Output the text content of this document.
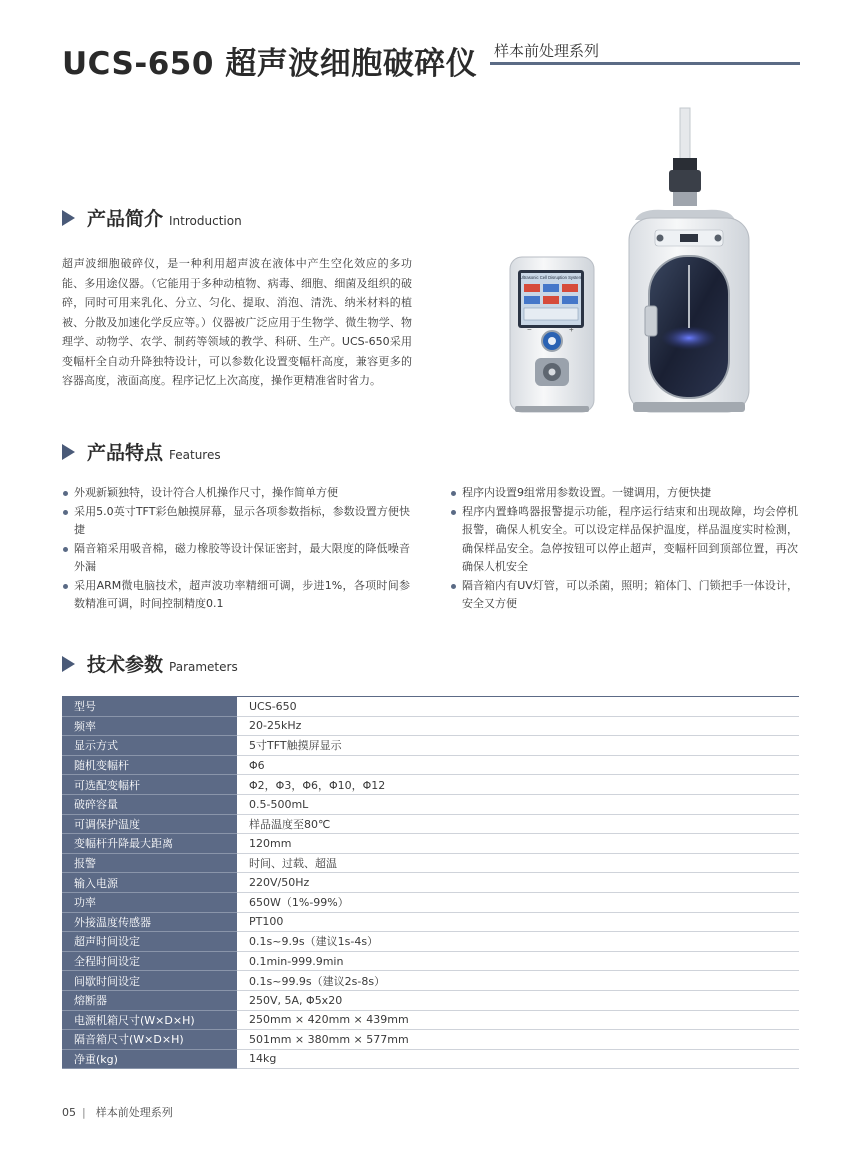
UCS-650 超声波细胞破碎仪 样本前处理系列
产品简介 Introduction

超声波细胞破碎仪，是一种利用超声波在液体中产生空化效应的多功能、多用途仪器。（它能用于多种动植物、病毒、细胞、细菌及组织的破碎，同时可用来乳化、分立、匀化、提取、消泡、清洗、纳米材料的植被、分散及加速化学反应等。）仪器被广泛应用于生物学、微生物学、物理学、动物学、农学、制药等领域的教学、科研、生产。UCS-650采用变幅杆全自动升降独特设计，可以参数化设置变幅杆高度，兼容更多的容器高度，液面高度。程序记忆上次高度，操作更精准省时省力。

Ultrasonic Cell Disruption System
−	+
产品特点 Features
外观新颖独特，设计符合人机操作尺寸，操作简单方便
采用5.0英寸TFT彩色触摸屏幕，显示各项参数指标，参数设置方便快捷
隔音箱采用吸音棉，磁力橡胶等设计保证密封，最大限度的降低噪音外漏
采用ARM微电脑技术，超声波功率精细可调，步进1%，各项时间参数精准可调，时间控制精度0.1
程序内设置9组常用参数设置。一键调用，方便快捷
程序内置蜂鸣器报警提示功能，程序运行结束和出现故障，均会停机报警，确保人机安全。可以设定样品保护温度，样品温度实时检测，确保样品安全。急停按钮可以停止超声，变幅杆回到顶部位置，再次确保人机安全
隔音箱内有UV灯管，可以杀菌，照明；箱体门、门锁把手一体设计，安全又方便
技术参数 Parameters
型号	UCS-650
频率	20-25kHz
显示方式	5寸TFT触摸屏显示
随机变幅杆	Φ6
可选配变幅杆	Φ2，Φ3，Φ6，Φ10，Φ12
破碎容量	0.5-500mL
可调保护温度	样品温度至80℃
变幅杆升降最大距离	120mm
报警	时间、过载、超温
输入电源	220V/50Hz
功率	650W（1%-99%）
外接温度传感器	PT100
超声时间设定	0.1s~9.9s（建议1s-4s）
全程时间设定	0.1min-999.9min
间歇时间设定	0.1s~99.9s（建议2s-8s）
熔断器	250V, 5A, Φ5x20
电源机箱尺寸(W×D×H)	250mm × 420mm × 439mm
隔音箱尺寸(W×D×H)	501mm × 380mm × 577mm
净重(kg)	14kg
05 | 样本前处理系列
